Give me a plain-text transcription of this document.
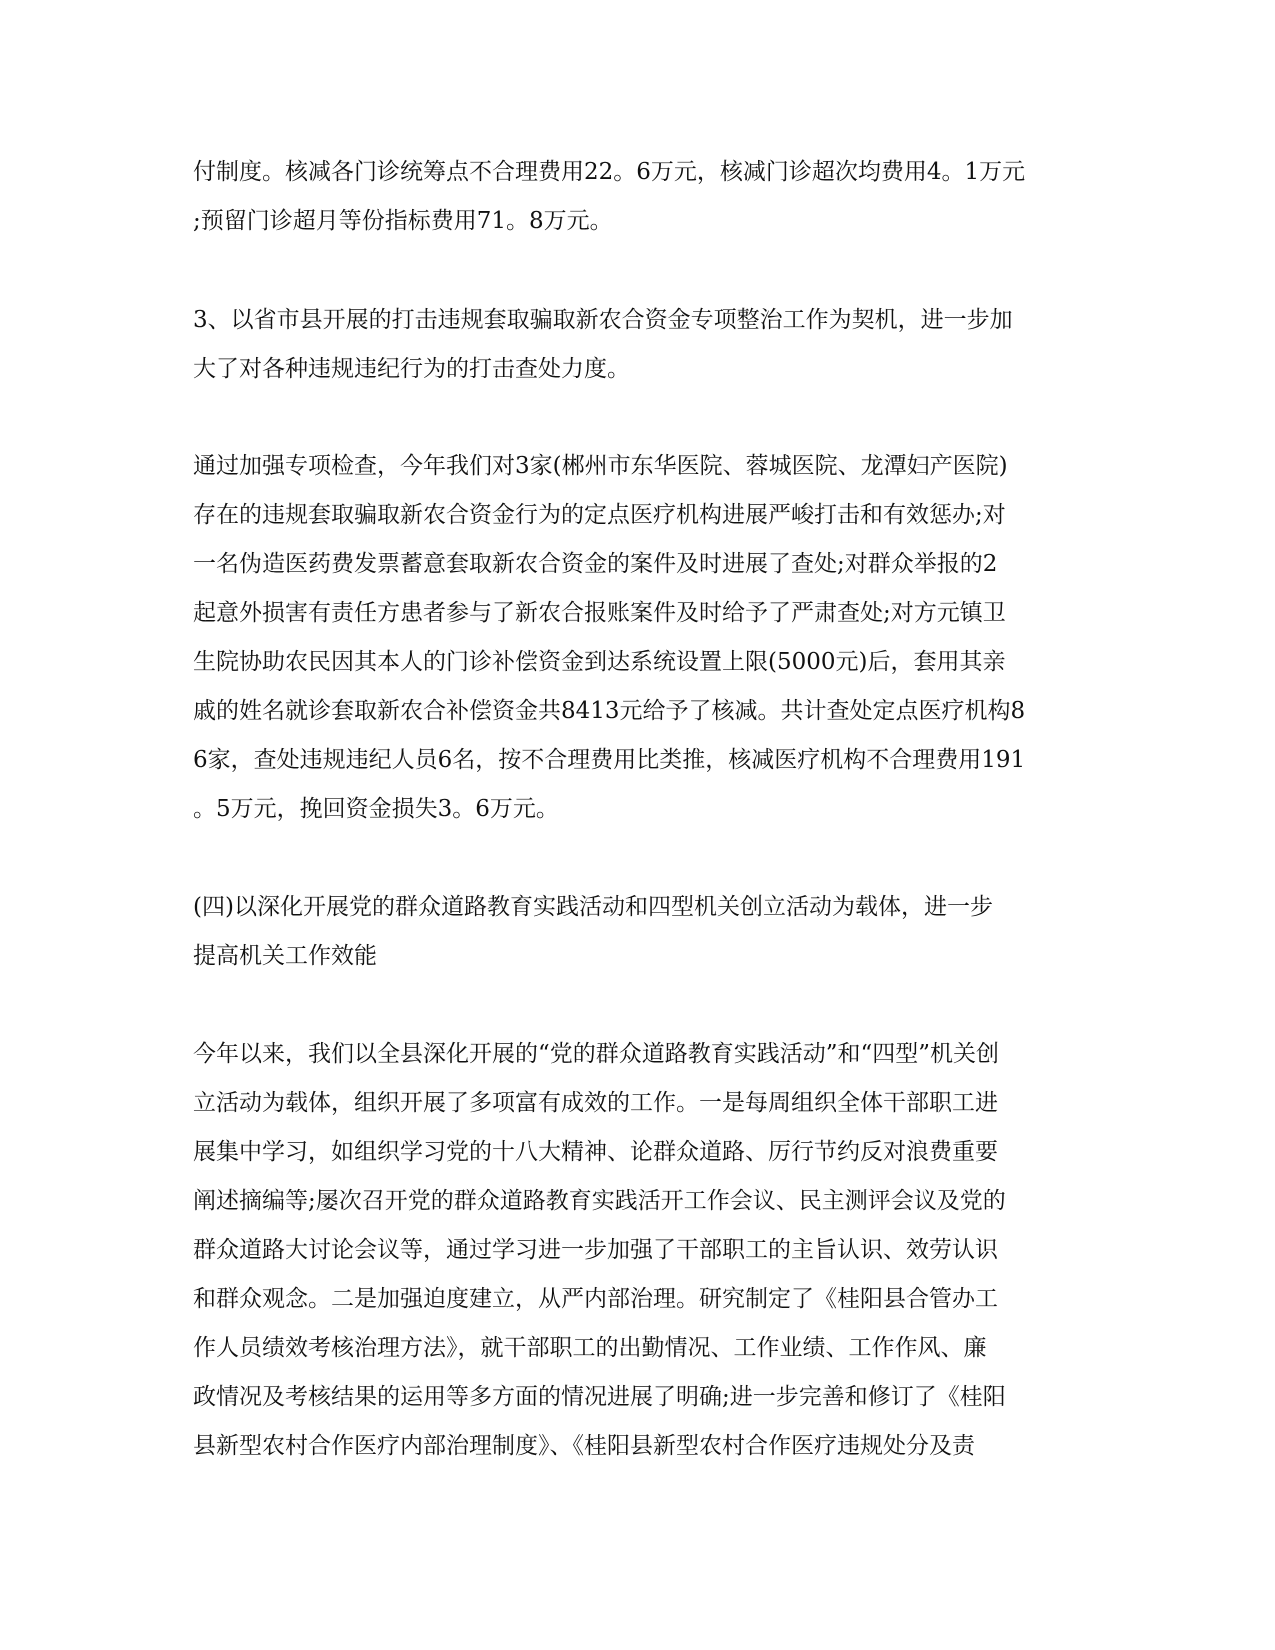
付制度。核减各门诊统筹点不合理费用22。6万元，核减门诊超次均费用4。1万元
;预留门诊超月等份指标费用71。8万元。

3、以省市县开展的打击违规套取骗取新农合资金专项整治工作为契机，进一步加
大了对各种违规违纪行为的打击查处力度。

通过加强专项检查，今年我们对3家(郴州市东华医院、蓉城医院、龙潭妇产医院)
存在的违规套取骗取新农合资金行为的定点医疗机构进展严峻打击和有效惩办;对
一名伪造医药费发票蓄意套取新农合资金的案件及时进展了查处;对群众举报的2
起意外损害有责任方患者参与了新农合报账案件及时给予了严肃查处;对方元镇卫
生院协助农民因其本人的门诊补偿资金到达系统设置上限(5000元)后，套用其亲
戚的姓名就诊套取新农合补偿资金共8413元给予了核减。共计查处定点医疗机构8
6家，查处违规违纪人员6名，按不合理费用比类推，核减医疗机构不合理费用191
。5万元，挽回资金损失3。6万元。

(四)以深化开展党的群众道路教育实践活动和四型机关创立活动为载体，进一步
提高机关工作效能

今年以来，我们以全县深化开展的“党的群众道路教育实践活动”和“四型”机关创
立活动为载体，组织开展了多项富有成效的工作。一是每周组织全体干部职工进
展集中学习，如组织学习党的十八大精神、论群众道路、厉行节约反对浪费重要
阐述摘编等;屡次召开党的群众道路教育实践活开工作会议、民主测评会议及党的
群众道路大讨论会议等，通过学习进一步加强了干部职工的主旨认识、效劳认识
和群众观念。二是加强迫度建立，从严内部治理。研究制定了《桂阳县合管办工
作人员绩效考核治理方法》，就干部职工的出勤情况、工作业绩、工作作风、廉
政情况及考核结果的运用等多方面的情况进展了明确;进一步完善和修订了《桂阳
县新型农村合作医疗内部治理制度》、《桂阳县新型农村合作医疗违规处分及责
